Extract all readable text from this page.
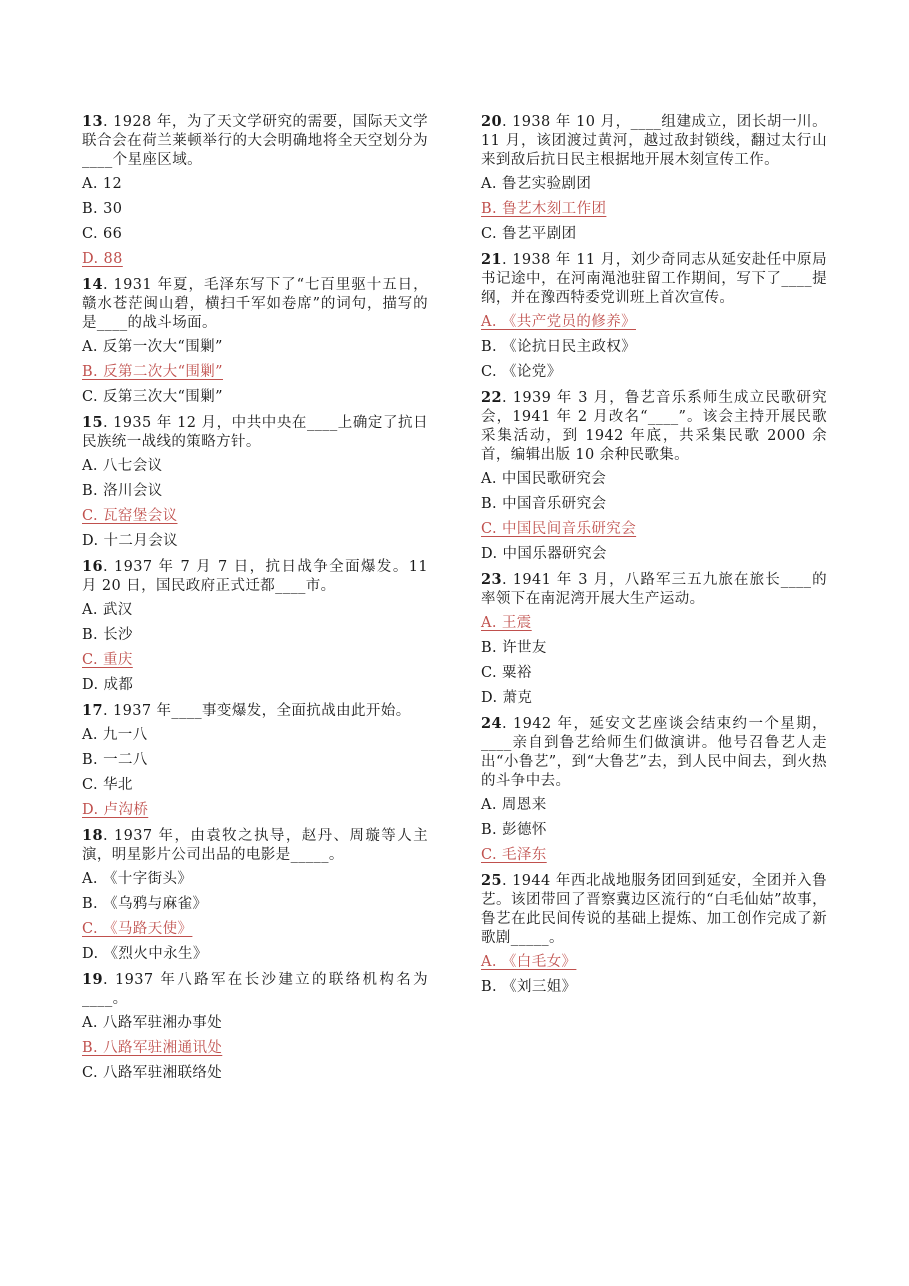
13. 1928 年，为了天文学研究的需要，国际天文学联合会在荷兰莱顿举行的大会明确地将全天空划分为____个星座区域。
A. 12
B. 30
C. 66
D. 88
14. 1931 年夏，毛泽东写下了“七百里驱十五日，赣水苍茫闽山碧，横扫千军如卷席”的词句，描写的是____的战斗场面。
A. 反第一次大“围剿”
B. 反第二次大“围剿”
C. 反第三次大“围剿”
15. 1935 年 12 月，中共中央在____上确定了抗日民族统一战线的策略方针。
A. 八七会议
B. 洛川会议
C. 瓦窑堡会议
D. 十二月会议
16. 1937 年 7 月 7 日，抗日战争全面爆发。11 月 20 日，国民政府正式迁都____市。
A. 武汉
B. 长沙
C. 重庆
D. 成都
17. 1937 年____事变爆发，全面抗战由此开始。
A. 九一八
B. 一二八
C. 华北
D. 卢沟桥
18. 1937 年，由袁牧之执导，赵丹、周璇等人主演，明星影片公司出品的电影是_____。
A. 《十字街头》
B. 《乌鸦与麻雀》
C. 《马路天使》
D. 《烈火中永生》
19. 1937 年八路军在长沙建立的联络机构名为____。
A. 八路军驻湘办事处
B. 八路军驻湘通讯处
C. 八路军驻湘联络处
20. 1938 年 10 月，____组建成立，团长胡一川。11 月，该团渡过黄河，越过敌封锁线，翻过太行山来到敌后抗日民主根据地开展木刻宣传工作。
A. 鲁艺实验剧团
B. 鲁艺木刻工作团
C. 鲁艺平剧团
21. 1938 年 11 月，刘少奇同志从延安赴任中原局书记途中，在河南渑池驻留工作期间，写下了____提纲，并在豫西特委党训班上首次宣传。
A. 《共产党员的修养》
B. 《论抗日民主政权》
C. 《论党》
22. 1939 年 3 月，鲁艺音乐系师生成立民歌研究会，1941 年 2 月改名“____”。该会主持开展民歌采集活动，到 1942 年底，共采集民歌 2000 余首，编辑出版 10 余种民歌集。
A. 中国民歌研究会
B. 中国音乐研究会
C. 中国民间音乐研究会
D. 中国乐器研究会
23. 1941 年 3 月，八路军三五九旅在旅长____的率领下在南泥湾开展大生产运动。
A. 王震
B. 许世友
C. 粟裕
D. 萧克
24. 1942 年，延安文艺座谈会结束约一个星期，____亲自到鲁艺给师生们做演讲。他号召鲁艺人走出“小鲁艺”，到“大鲁艺”去，到人民中间去，到火热的斗争中去。
A. 周恩来
B. 彭德怀
C. 毛泽东
25. 1944 年西北战地服务团回到延安，全团并入鲁艺。该团带回了晋察冀边区流行的“白毛仙姑”故事，鲁艺在此民间传说的基础上提炼、加工创作完成了新歌剧_____。
A. 《白毛女》
B. 《刘三姐》
